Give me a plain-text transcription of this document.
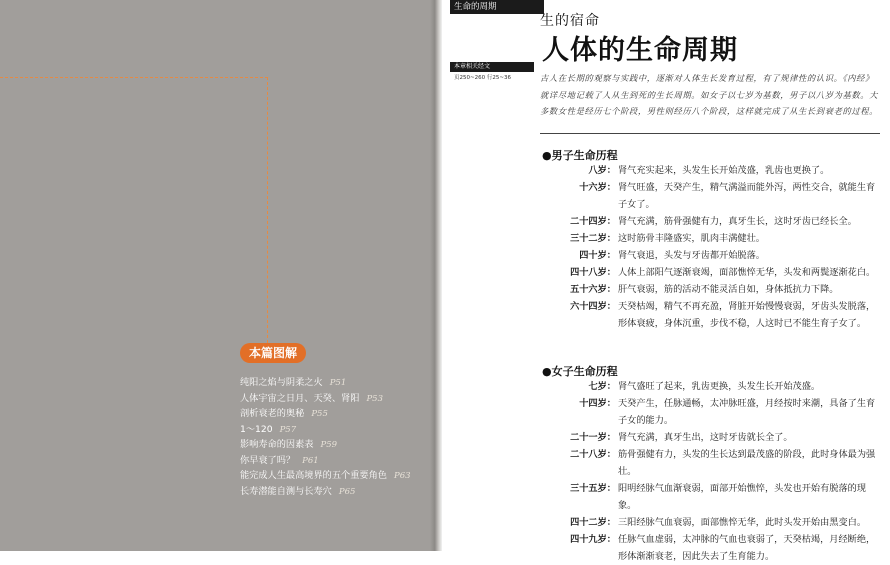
本篇图解
纯阳之焰与阴柔之火 P51
人体宇宙之日月、天癸、肾阳 P53
剖析衰老的奥秘 P55
1～120 P57
影响寿命的因素表 P59
你早衰了吗？ P61
能完成人生最高境界的五个重要角色 P63
长寿潜能自测与长寿穴 P65
生命的周期
生的宿命
人体的生命周期
本章相关经文
页250~260 行25~36	古人在长期的观察与实践中，逐渐对人体生长发育过程，有了规律性的认识。《内经》就详尽地记载了人从生到死的生长周期。如女子以七岁为基数，男子以八岁为基数。大多数女性是经历七个阶段，男性则经历八个阶段，这样就完成了从生长到衰老的过程。
●男子生命历程
八岁： 肾气充实起来，头发生长开始茂盛，乳齿也更换了。
十六岁： 肾气旺盛，天癸产生，精气满溢而能外泻，两性交合，就能生育子女了。
二十四岁： 肾气充满，筋骨强健有力，真牙生长，这时牙齿已经长全。
三十二岁： 这时筋骨丰隆盛实，肌肉丰满健壮。
四十岁： 肾气衰退，头发与牙齿都开始脱落。
四十八岁： 人体上部阳气逐渐衰竭，面部憔悴无华，头发和两鬓逐渐花白。
五十六岁： 肝气衰弱，筋的活动不能灵活自如，身体抵抗力下降。
六十四岁： 天癸枯竭，精气不再充盈，肾脏开始慢慢衰弱，牙齿头发脱落，形体衰疲，身体沉重，步伐不稳，人这时已不能生育子女了。
●女子生命历程
七岁： 肾气盛旺了起来，乳齿更换，头发生长开始茂盛。
十四岁： 天癸产生，任脉通畅，太冲脉旺盛，月经按时来潮，具备了生育子女的能力。
二十一岁： 肾气充满，真牙生出，这时牙齿就长全了。
二十八岁： 筋骨强健有力，头发的生长达到最茂盛的阶段，此时身体最为强壮。
三十五岁： 阳明经脉气血渐衰弱，面部开始憔悴，头发也开始有脱落的现象。
四十二岁： 三阳经脉气血衰弱，面部憔悴无华，此时头发开始由黑变白。
四十九岁： 任脉气血虚弱，太冲脉的气血也衰弱了，天癸枯竭，月经断绝，形体渐渐衰老，因此失去了生育能力。
